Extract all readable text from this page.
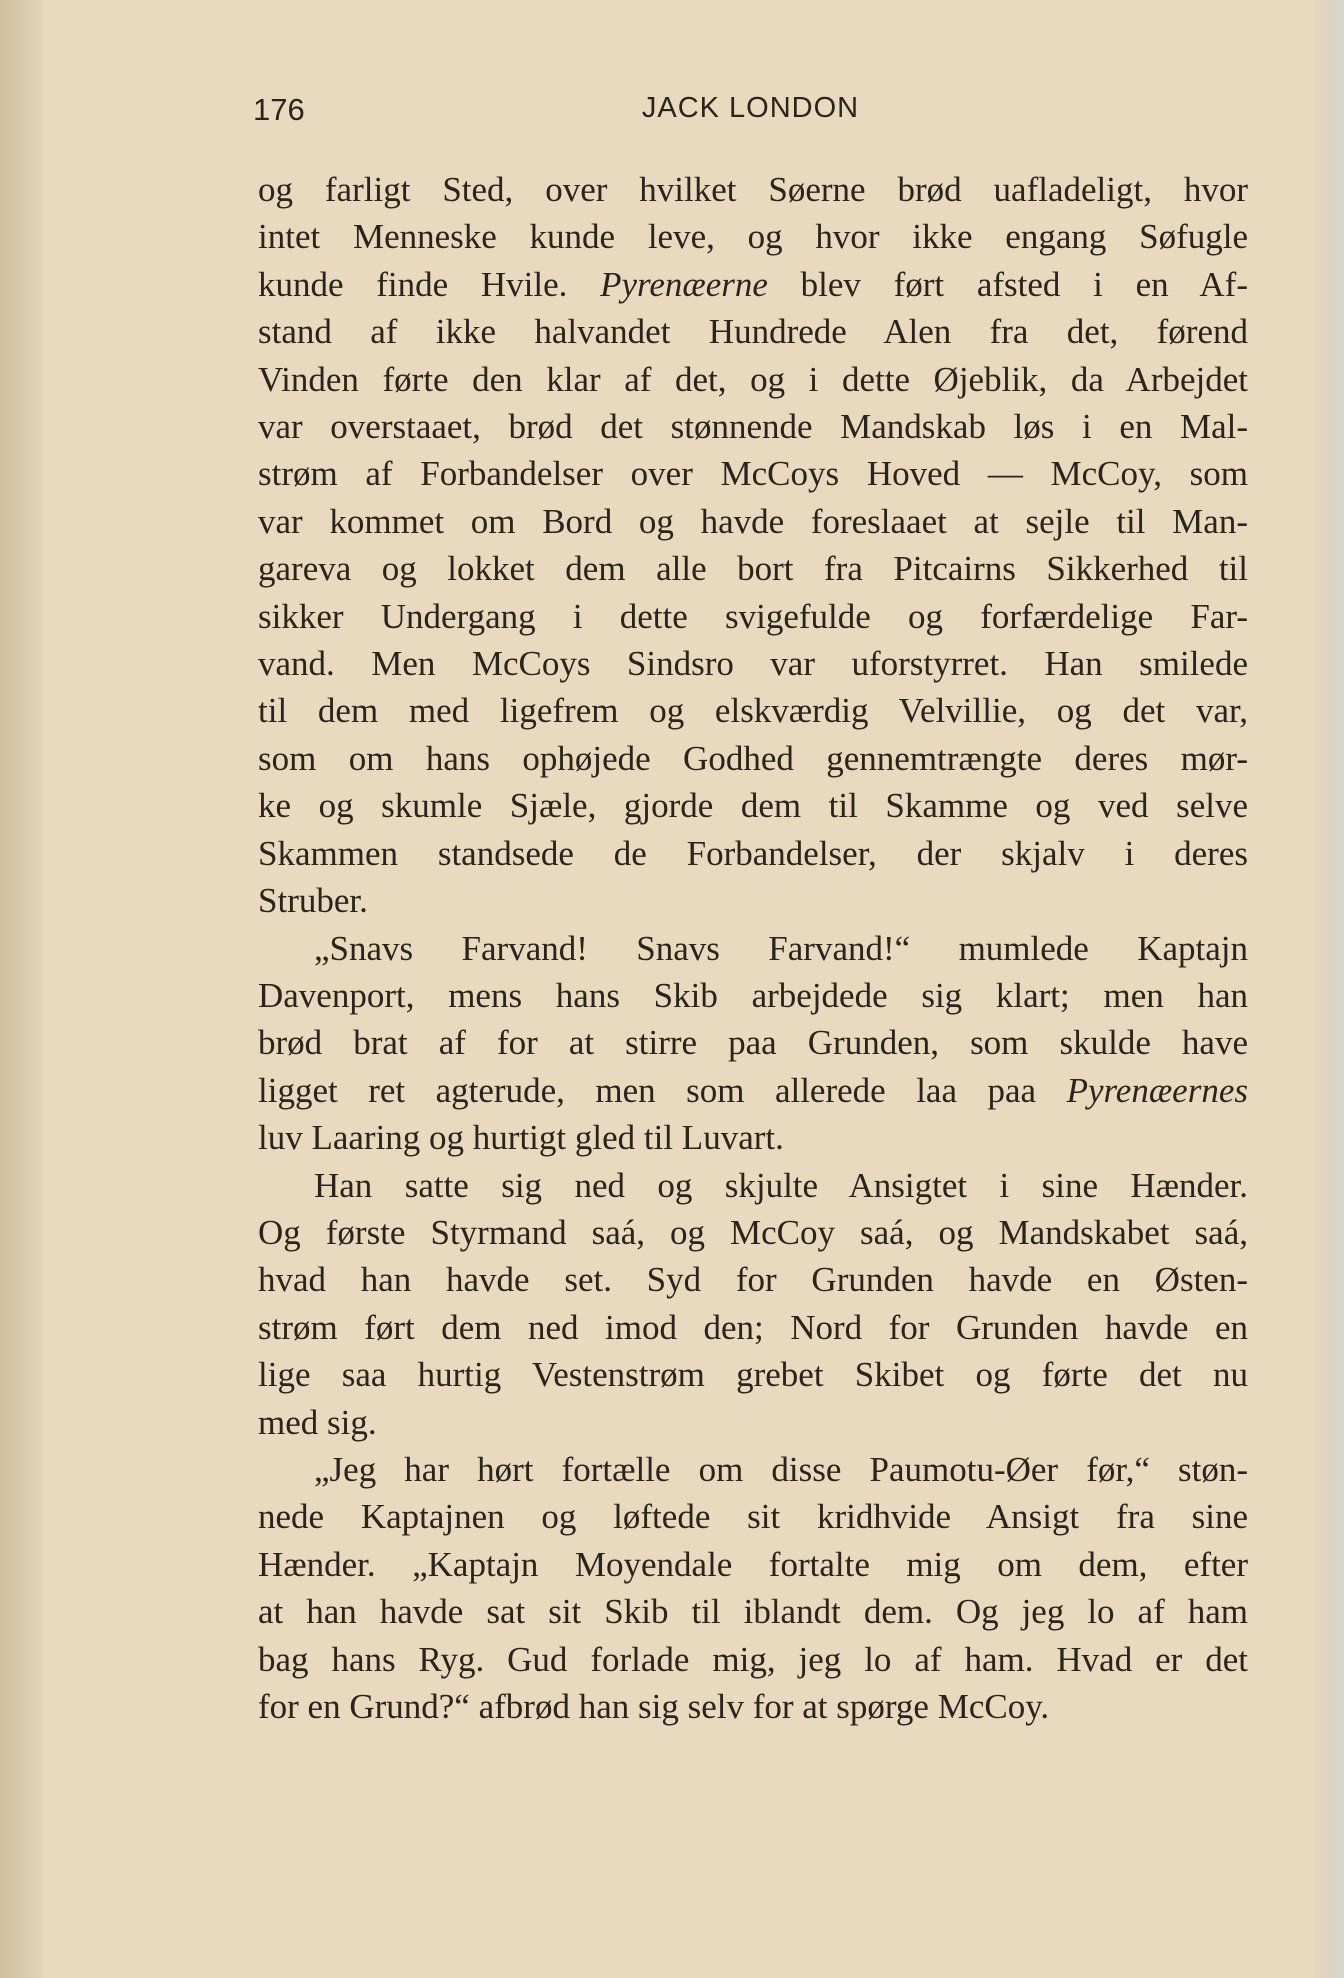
176	JACK LONDON

og farligt Sted, over hvilket Søerne brød uafladeligt, hvor
intet Menneske kunde leve, og hvor ikke engang Søfugle
kunde finde Hvile. Pyrenæerne blev ført afsted i en Af-
stand af ikke halvandet Hundrede Alen fra det, førend
Vinden førte den klar af det, og i dette Øjeblik, da Arbejdet
var overstaaet, brød det stønnende Mandskab løs i en Mal-
strøm af Forbandelser over McCoys Hoved — McCoy, som
var kommet om Bord og havde foreslaaet at sejle til Man-
gareva og lokket dem alle bort fra Pitcairns Sikkerhed til
sikker Undergang i dette svigefulde og forfærdelige Far-
vand. Men McCoys Sindsro var uforstyrret. Han smilede
til dem med ligefrem og elskværdig Velvillie, og det var,
som om hans ophøjede Godhed gennemtrængte deres mør-
ke og skumle Sjæle, gjorde dem til Skamme og ved selve
Skammen standsede de Forbandelser, der skjalv i deres
Struber.

„Snavs Farvand! Snavs Farvand!“ mumlede Kaptajn
Davenport, mens hans Skib arbejdede sig klart; men han
brød brat af for at stirre paa Grunden, som skulde have
ligget ret agterude, men som allerede laa paa Pyrenæernes
luv Laaring og hurtigt gled til Luvart.

Han satte sig ned og skjulte Ansigtet i sine Hænder.
Og første Styrmand saá, og McCoy saá, og Mandskabet saá,
hvad han havde set. Syd for Grunden havde en Østen-
strøm ført dem ned imod den; Nord for Grunden havde en
lige saa hurtig Vestenstrøm grebet Skibet og førte det nu
med sig.

„Jeg har hørt fortælle om disse Paumotu-Øer før,“ støn-
nede Kaptajnen og løftede sit kridhvide Ansigt fra sine
Hænder. „Kaptajn Moyendale fortalte mig om dem, efter
at han havde sat sit Skib til iblandt dem. Og jeg lo af ham
bag hans Ryg. Gud forlade mig, jeg lo af ham. Hvad er det
for en Grund?“ afbrød han sig selv for at spørge McCoy.
